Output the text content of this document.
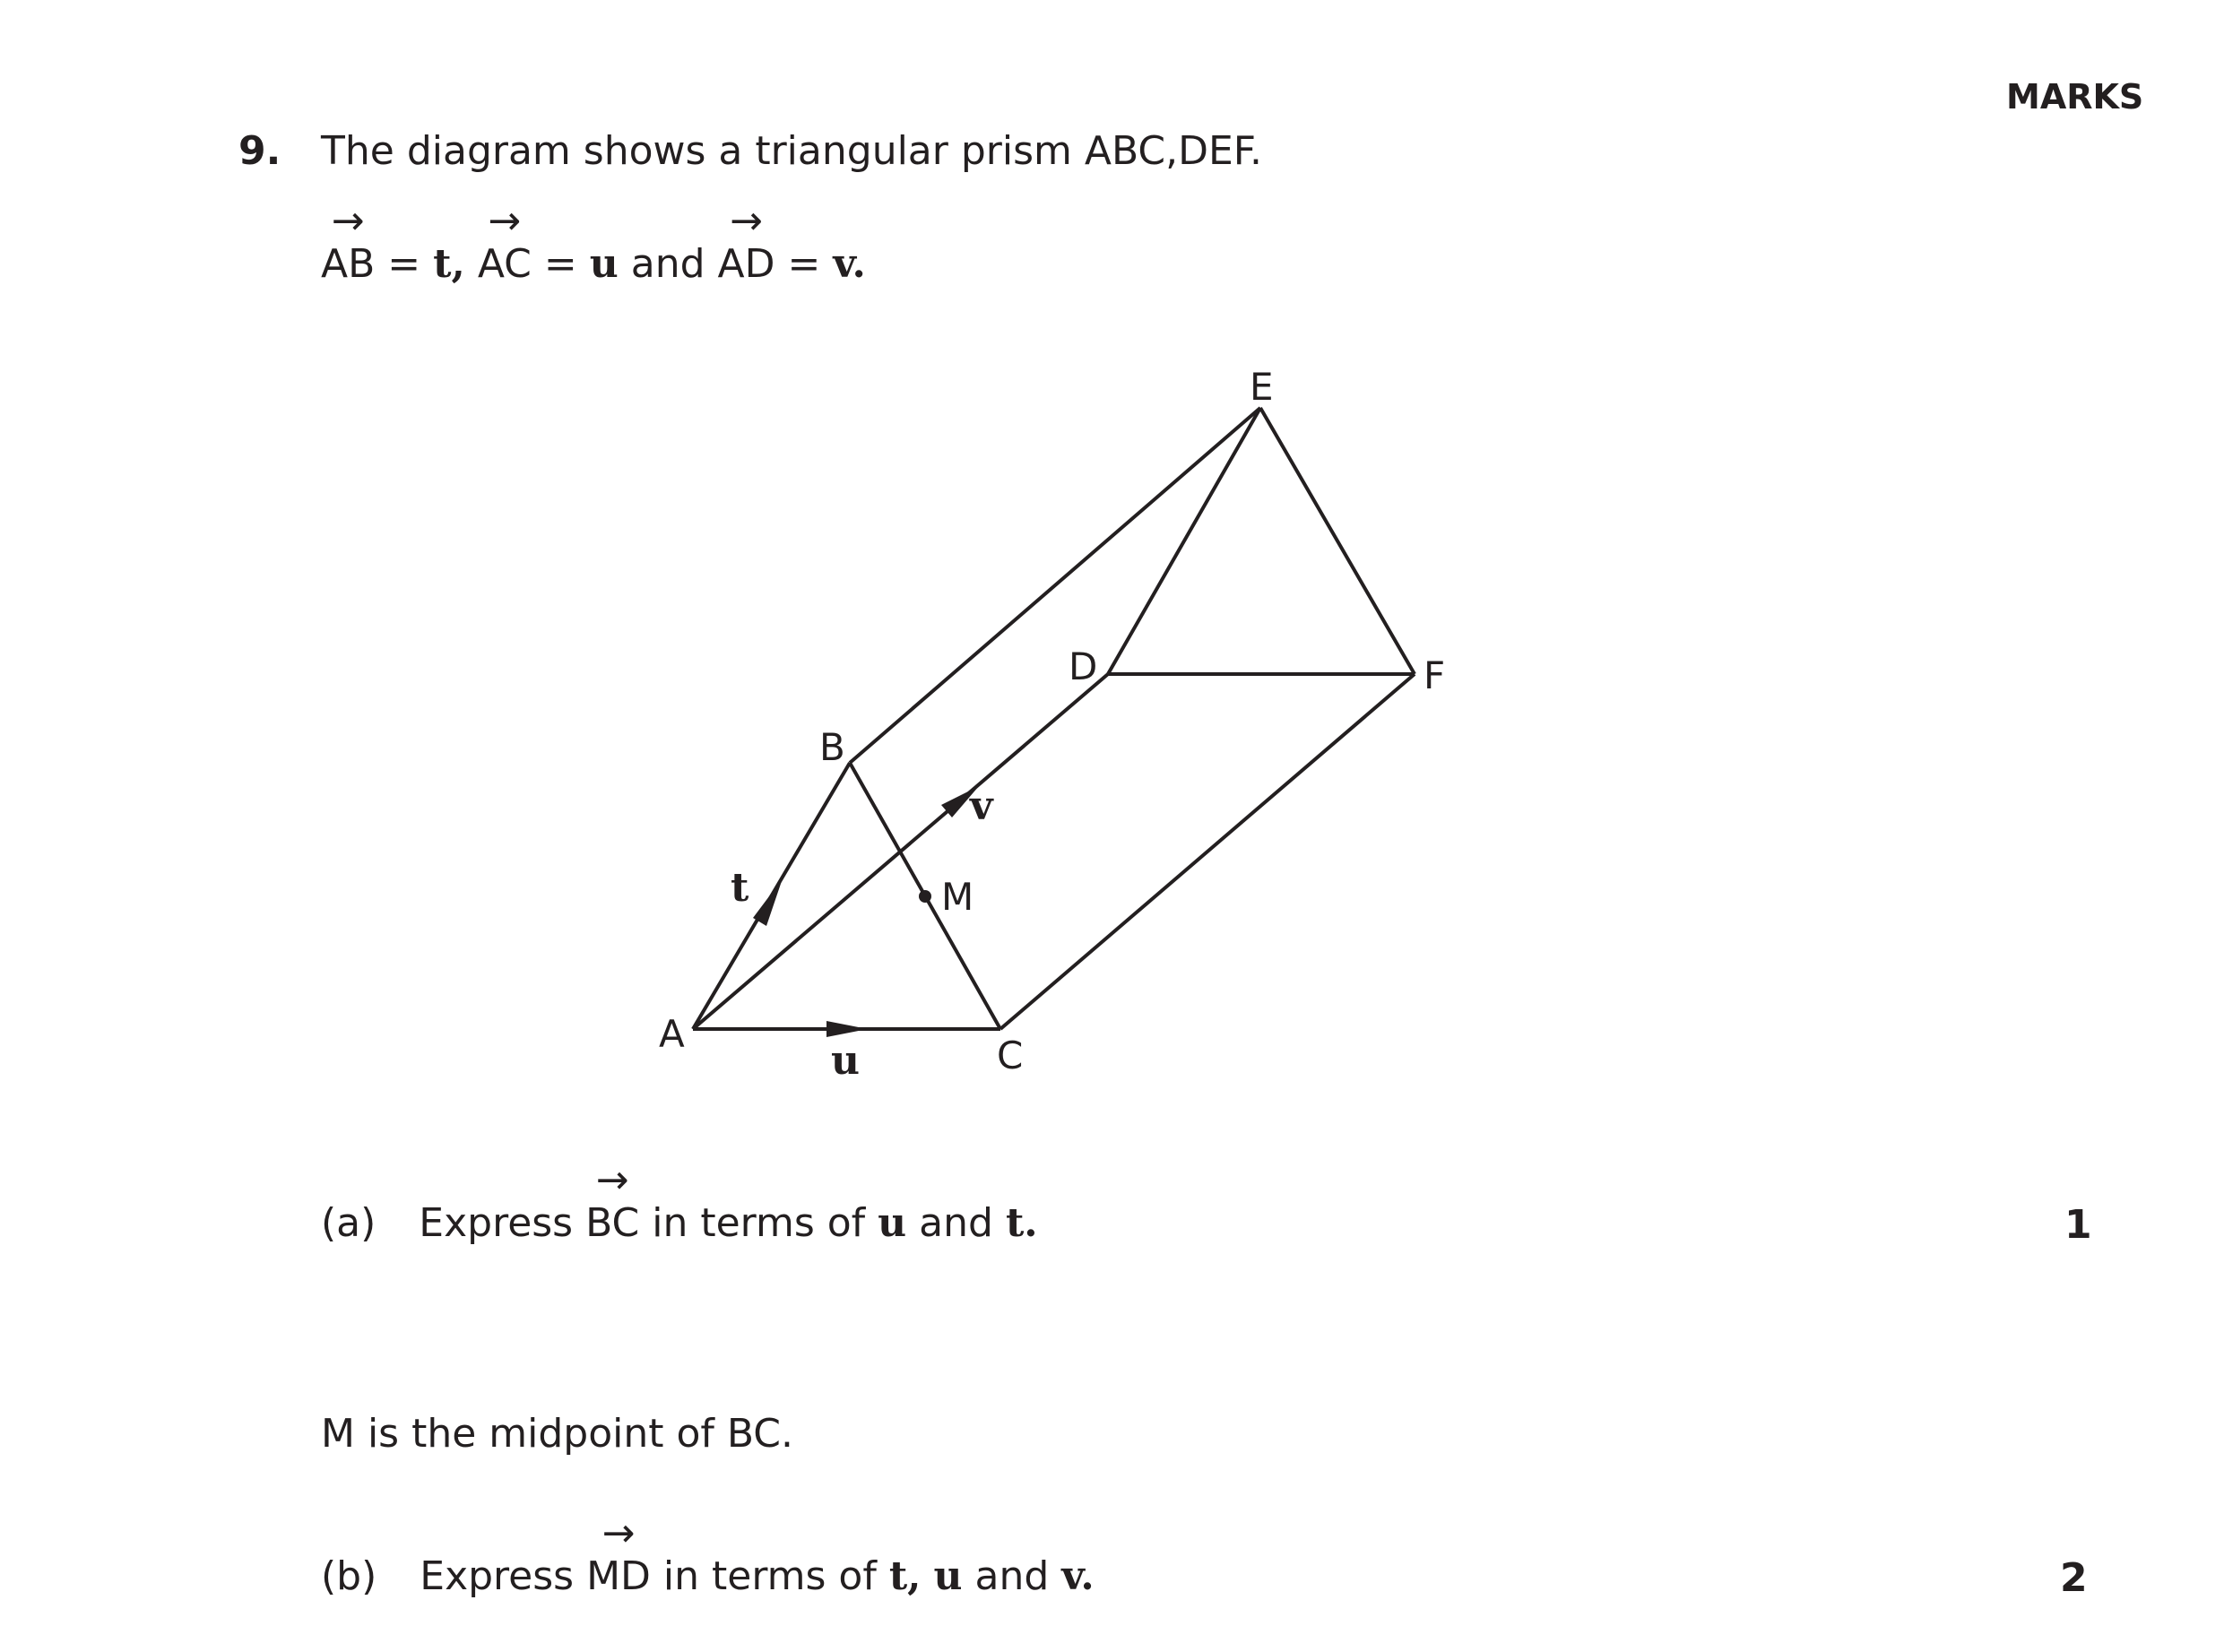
MARKS
9. The diagram shows a triangular prism ABC,DEF.
→
AB = t,
→
AC = u and
→
AD = v.
A
B
C
D
E
F
M
t
u
v
(a) Express
→
BC in terms of u and t.	1
M is the midpoint of BC.
(b) Express
→
MD in terms of t, u and v.	2
